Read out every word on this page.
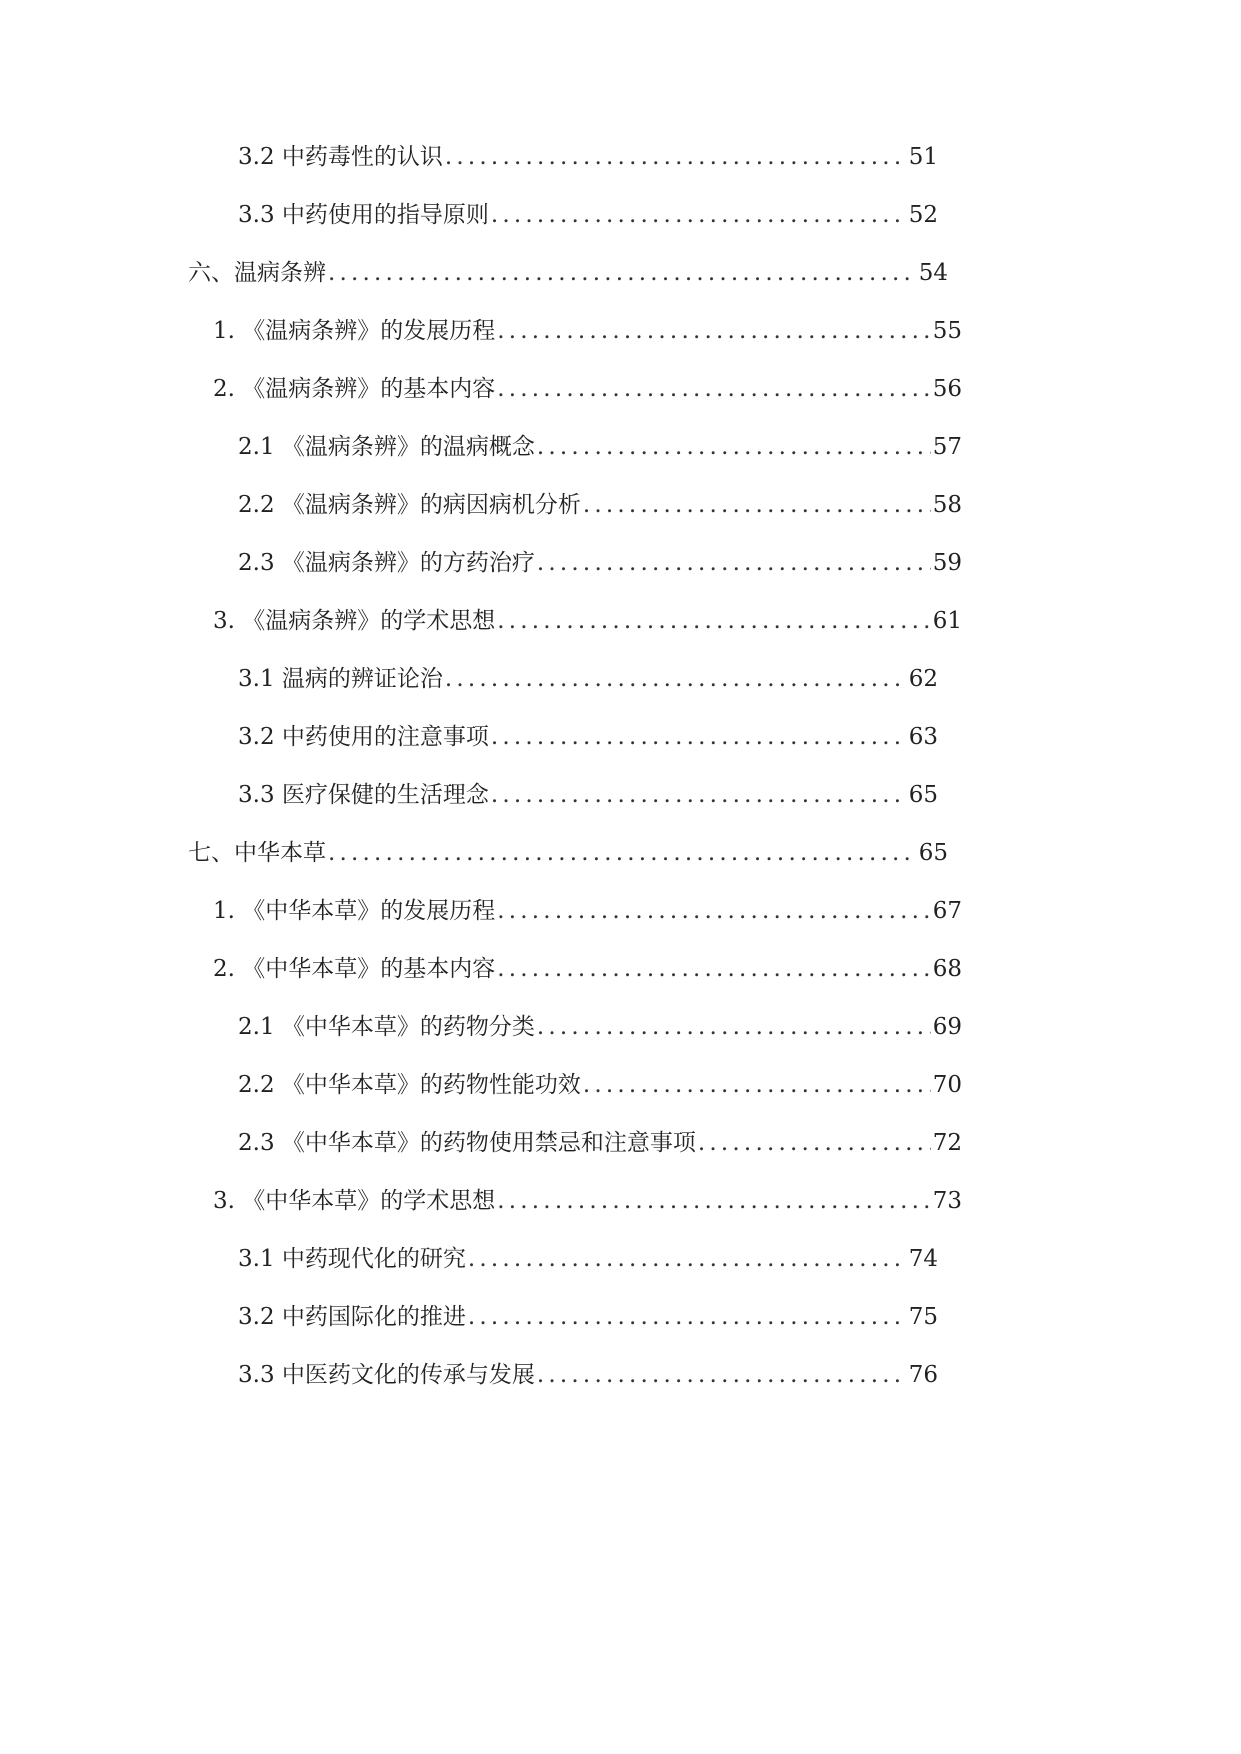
3.2 中药毒性的认识 .....	51
3.3 中药使用的指导原则 .....	52
六、温病条辨 .....	54
1. 《温病条辨》的发展历程 .....	55
2. 《温病条辨》的基本内容 .....	56
2.1 《温病条辨》的温病概念 .....	57
2.2 《温病条辨》的病因病机分析 .....	58
2.3 《温病条辨》的方药治疗 .....	59
3. 《温病条辨》的学术思想 .....	61
3.1 温病的辨证论治 .....	62
3.2 中药使用的注意事项 .....	63
3.3 医疗保健的生活理念 .....	65
七、中华本草 .....	65
1. 《中华本草》的发展历程 .....	67
2. 《中华本草》的基本内容 .....	68
2.1 《中华本草》的药物分类 .....	69
2.2 《中华本草》的药物性能功效 .....	70
2.3 《中华本草》的药物使用禁忌和注意事项 .....	72
3. 《中华本草》的学术思想 .....	73
3.1 中药现代化的研究 .....	74
3.2 中药国际化的推进 .....	75
3.3 中医药文化的传承与发展 .....	76
